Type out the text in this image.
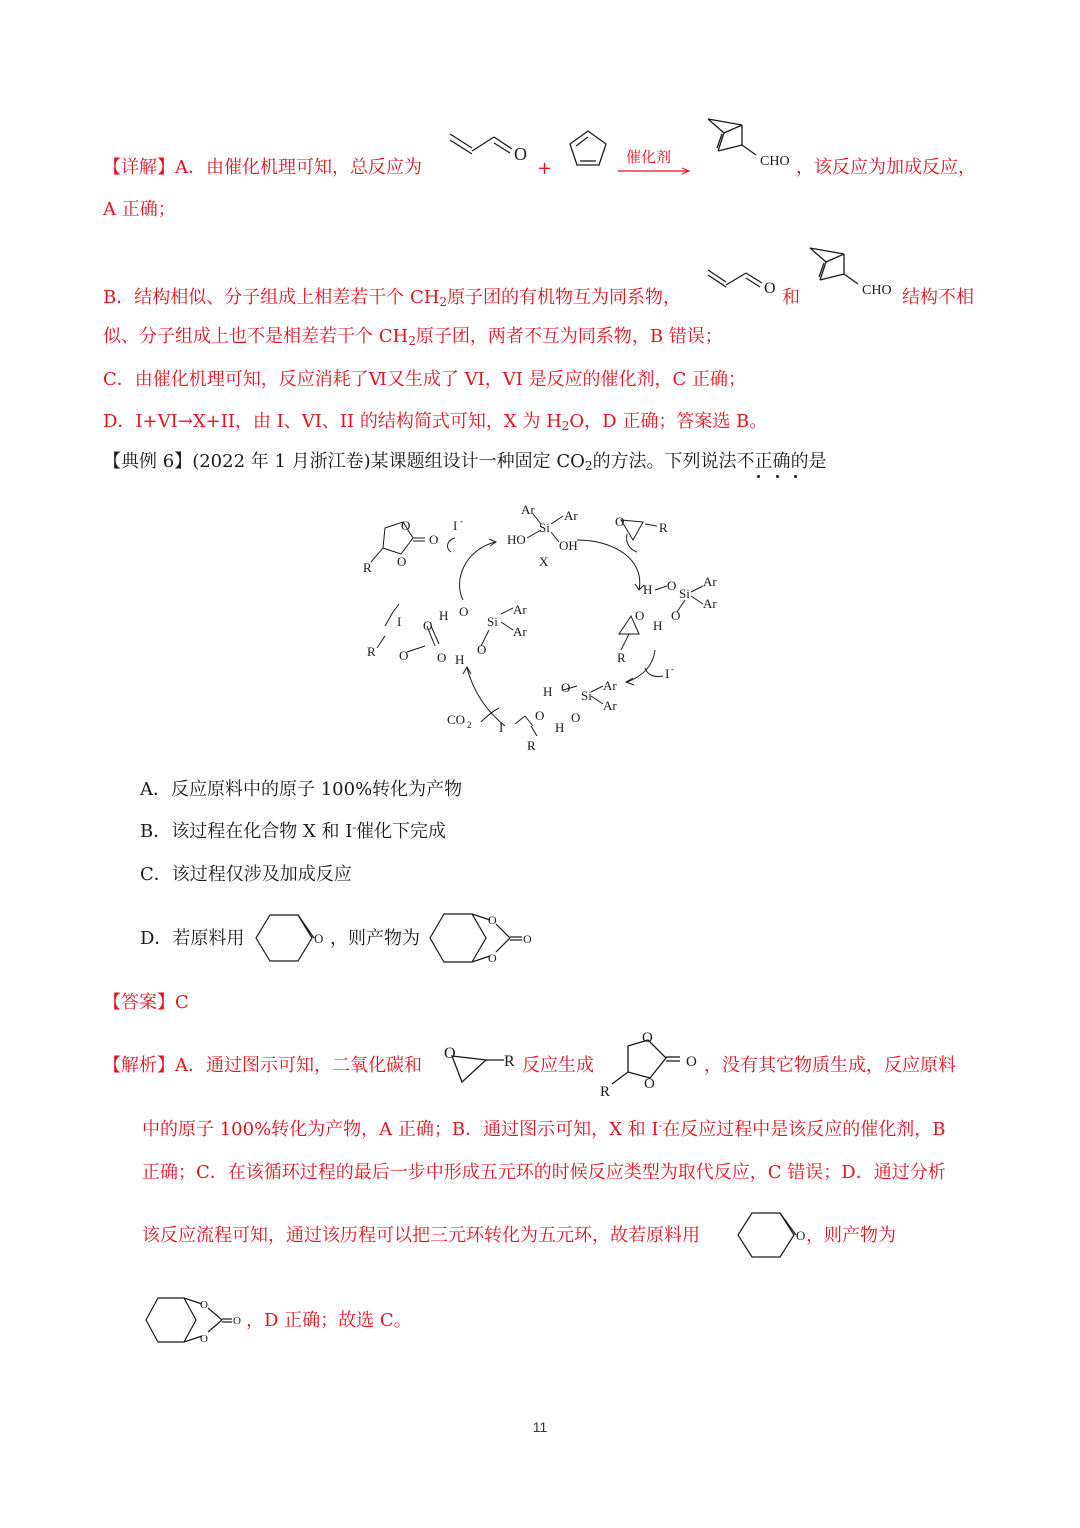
【详解】A．由催化机理可知，总反应为
O
+
催化剂	CHO ，该反应为加成反应，
A 正确；
B．结构相似、分子组成上相差若干个 $CH_2$原子团的有机物互为同系物，	O 和	CHO 结构不相
似、分子组成上也不是相差若干个 $CH_2$原子团，两者不互为同系物，B 错误；
C．由催化机理可知，反应消耗了Ⅵ又生成了 VI，VI 是反应的催化剂，C 正确；
D．I+VI→X+II，由 I、VI、II 的结构简式可知，X 为 $H_2O$，D 正确；答案选 B。
【典例 6】(2022 年 1 月浙江卷)某课题组设计一种固定 $CO_2$的方法。下列说法不正确的是
O
O
O
R
I -
Ar Ar
Si
HO	OH
X
O	R
H O
Si
Ar
Ar
O
H
O
R
I -
H O
Si
Ar
Ar
O
H
O
I
R
CO 2
I
R O
O
H O
O H
O
Si
Ar
Ar
A．反应原料中的原子 100%转化为产物
B．该过程在化合物 X 和 I-催化下完成
C．该过程仅涉及加成反应
D．若原料用	O ，则产物为
O
O
O
【答案】C
【解析】A．通过图示可知，二氧化碳和
O	R 反应生成
O
O
O
R
，没有其它物质生成，反应原料
中的原子 100%转化为产物，A 正确；B．通过图示可知，X 和 I-在反应过程中是该反应的催化剂，B
正确；C．在该循环过程的最后一步中形成五元环的时候反应类型为取代反应，C 错误；D．通过分析
该反应流程可知，通过该历程可以把三元环转化为五元环，故若原料用	O ，则产物为
O
O
O ，D 正确；故选 C。
11
